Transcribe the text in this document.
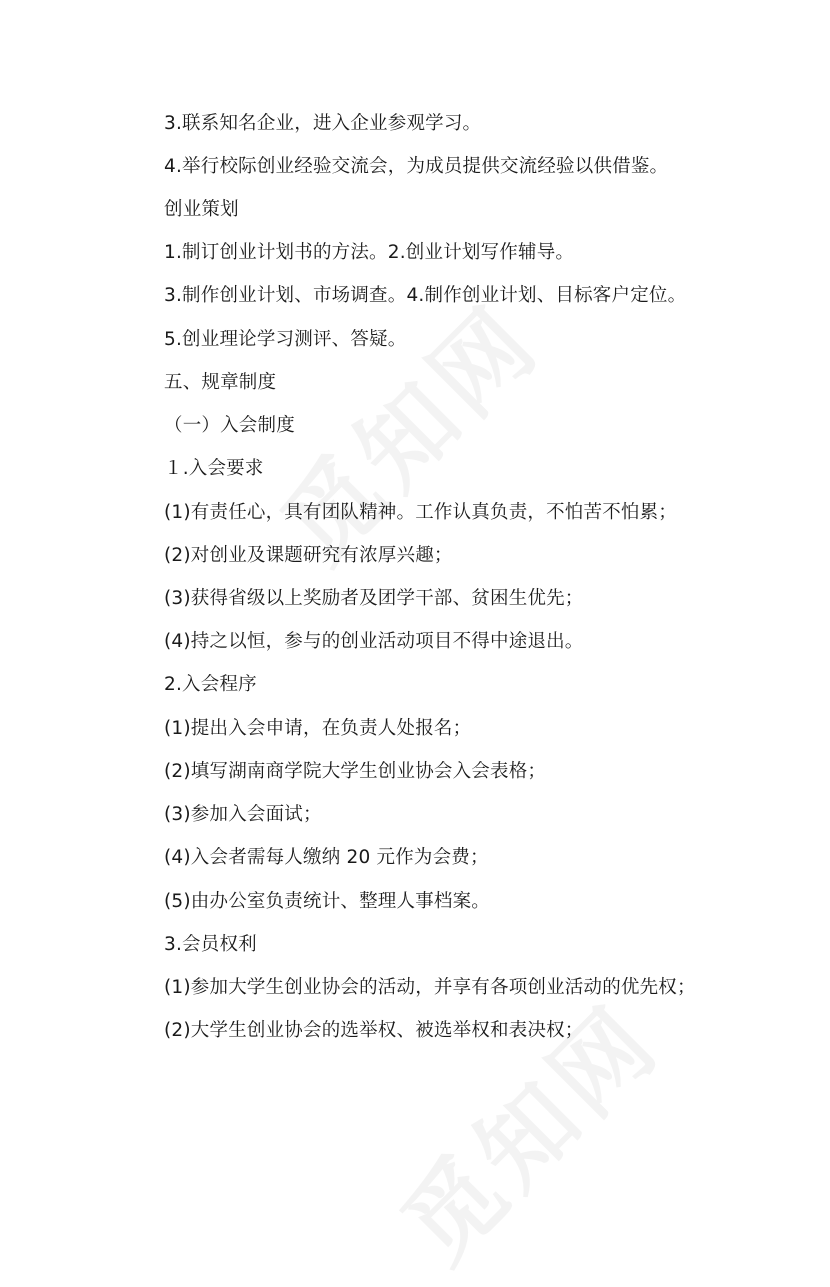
3.联系知名企业，进入企业参观学习。
4.举行校际创业经验交流会，为成员提供交流经验以供借鉴。
创业策划
1.制订创业计划书的方法。2.创业计划写作辅导。
3.制作创业计划、市场调查。4.制作创业计划、目标客户定位。
5.创业理论学习测评、答疑。
五、规章制度
（一）入会制度
１.入会要求
(1)有责任心，具有团队精神。工作认真负责，不怕苦不怕累；
(2)对创业及课题研究有浓厚兴趣；
(3)获得省级以上奖励者及团学干部、贫困生优先；
(4)持之以恒，参与的创业活动项目不得中途退出。
2.入会程序
(1)提出入会申请，在负责人处报名；
(2)填写湖南商学院大学生创业协会入会表格；
(3)参加入会面试；
(4)入会者需每人缴纳 20 元作为会费；
(5)由办公室负责统计、整理人事档案。
3.会员权利
(1)参加大学生创业协会的活动，并享有各项创业活动的优先权；
(2)大学生创业协会的选举权、被选举权和表决权；
